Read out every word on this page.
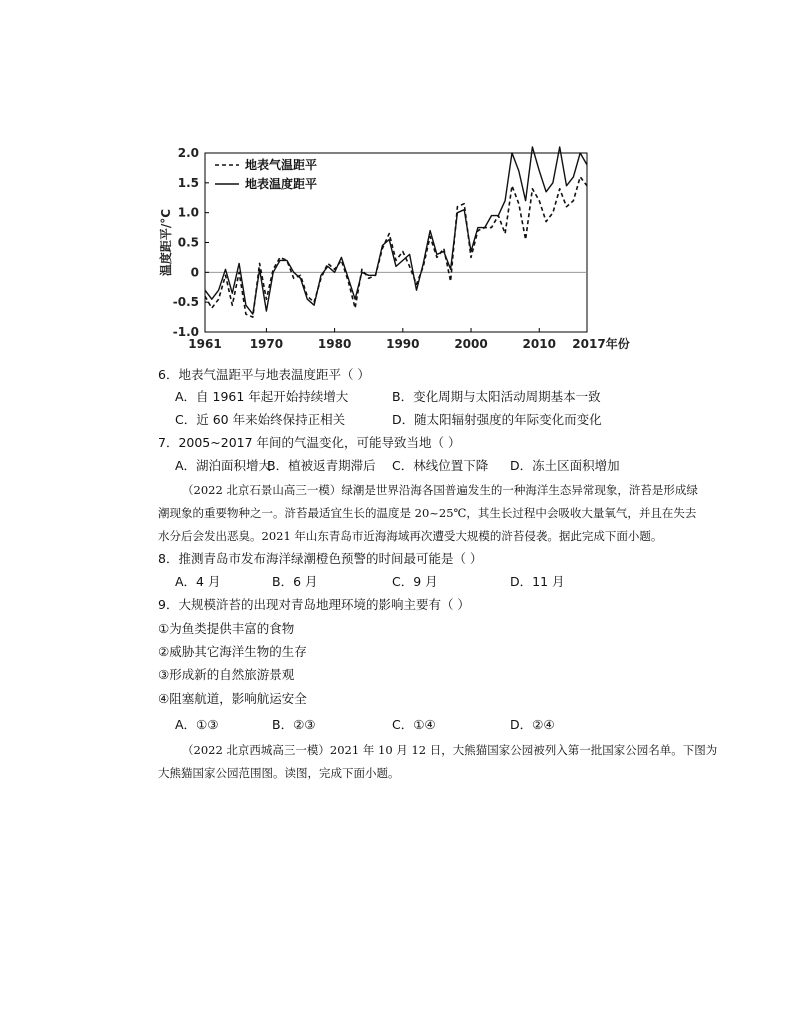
2.0
1.5
1.0
0.5
0
-0.5
-1.0
1961 1970	1980	1990	2000	2010 2017年份
温度距平/°C
地表气温距平
地表温度距平
6．地表气温距平与地表温度距平（ ）
A．自 1961 年起开始持续增大	B．变化周期与太阳活动周期基本一致
C．近 60 年来始终保持正相关	D．随太阳辐射强度的年际变化而变化
7．2005~2017 年间的气温变化，可能导致当地（ ）
A．湖泊面积增大
B．植被返青期滞后 C．林线位置下降 D．冻土区面积增加
（2022 北京石景山高三一模）绿潮是世界沿海各国普遍发生的一种海洋生态异常现象，浒苔是形成绿
潮现象的重要物种之一。浒苔最适宜生长的温度是 20~25℃，其生长过程中会吸收大量氧气，并且在失去
水分后会发出恶臭。2021 年山东青岛市近海海域再次遭受大规模的浒苔侵袭。据此完成下面小题。
8．推测青岛市发布海洋绿潮橙色预警的时间最可能是（ ）
A．4 月	B．6 月	C．9 月	D．11 月
9．大规模浒苔的出现对青岛地理环境的影响主要有（ ）
①为鱼类提供丰富的食物
②威胁其它海洋生物的生存
③形成新的自然旅游景观
④阻塞航道，影响航运安全
A．①③	B．②③	C．①④	D．②④
（2022 北京西城高三一模）2021 年 10 月 12 日，大熊猫国家公园被列入第一批国家公园名单。下图为
大熊猫国家公园范围图。读图，完成下面小题。
